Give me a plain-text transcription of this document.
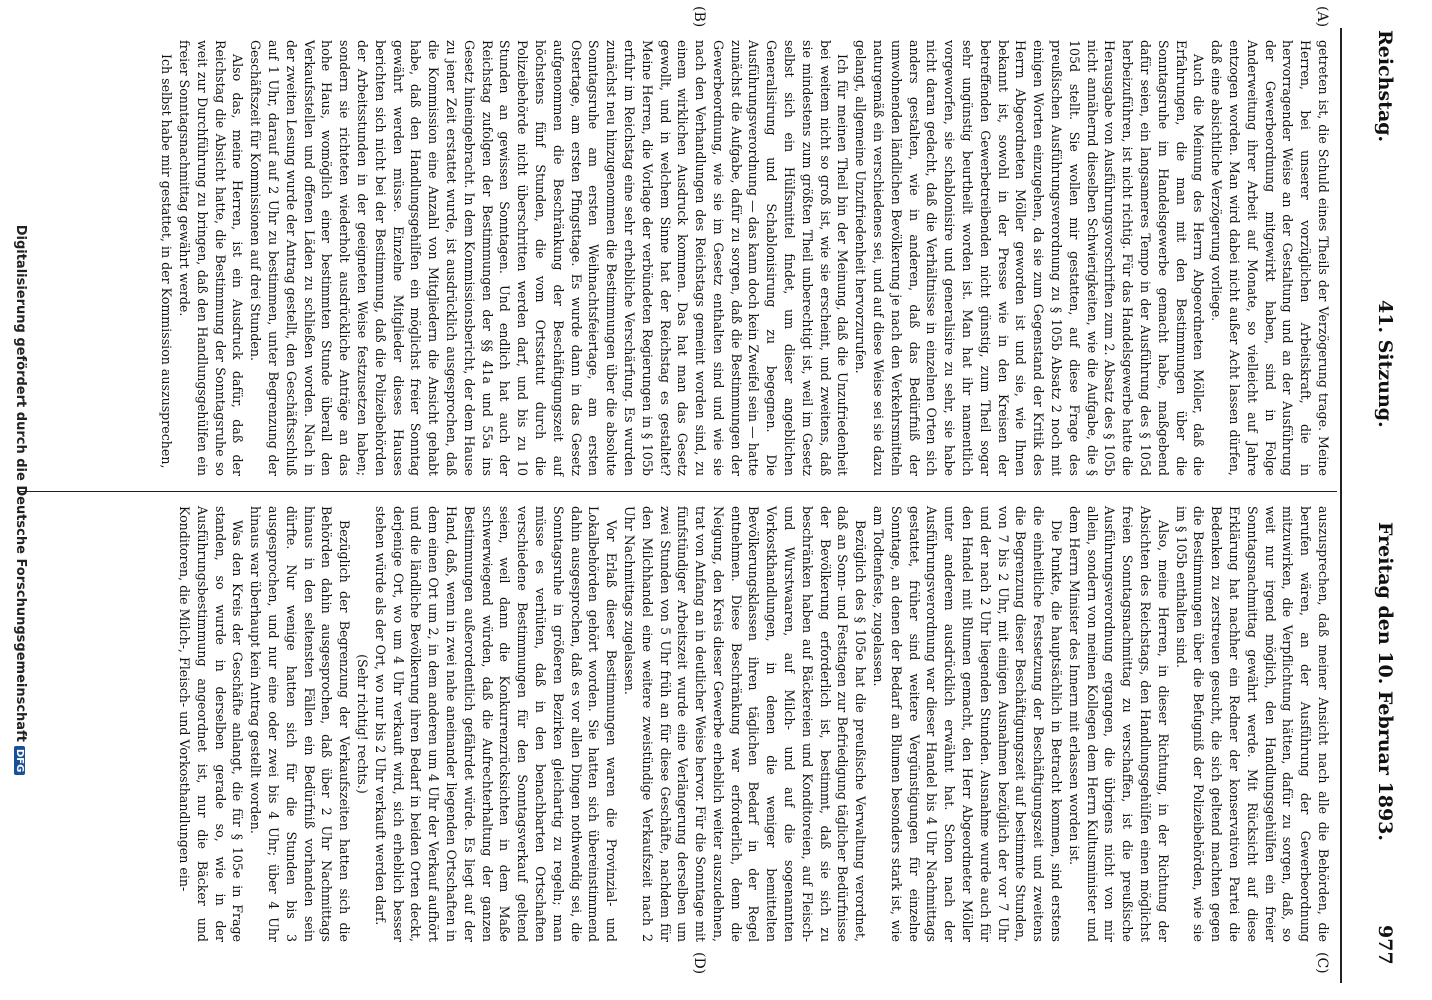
Reichstag.
41. Sitzung.
Freitag den 10. Februar 1893.
977
(A)
(B)
(C)
(D)

getreten ist, die Schuld eines Theils der Verzögerung trage. Meine Herren, bei unserer vorzüglichen Arbeitskraft, die in hervorragender Weise an der Gestaltung und an der Ausführung der Gewerbeordnung mitgewirkt haben, sind in Folge Anderweitung ihrer Arbeit auf Monate, so vielleicht auf Jahre entzogen worden. Man wird dabei nicht außer Acht lassen dürfen, daß eine absichtliche Verzögerung vorliege.

Auch die Meinung des Herrn Abgeordneten Möller, daß die Erfahrungen, die man mit den Bestimmungen über die Sonntagsruhe im Handelsgewerbe gemacht habe, maßgebend dafür seien, ein langsameres Tempo in der Ausführung des § 105d herbeizuführen, ist nicht richtig. Für das Handelsgewerbe hatte die Herausgabe von Ausführungsvorschriften zum 2. Absatz des § 105b nicht annähernd dieselben Schwierigkeiten, wie die Aufgabe, die § 105d stellt. Sie wollen mir gestatten, auf diese Frage des preußischen Ausführungsverordnung zu § 105b Absatz 2 noch mit einigen Worten einzugehen, da sie zum Gegenstand der Kritik des Herrn Abgeordneten Möller geworden ist und sie, wie Ihnen bekannt ist, sowohl in der Presse wie in den Kreisen der betreffenden Gewerbetreibenden nicht günstig, zum Theil sogar sehr ungünstig beurtheilt worden ist. Man hat ihr namentlich vorgeworfen, sie schablonisire und generalisire zu sehr, sie habe nicht daran gedacht, daß die Verhältnisse in einzelnen Orten sich anders gestalten, wie in anderen, daß das Bedürfniß der umwohnenden ländlichen Bevölkerung je nach den Verkehrsmitteln naturgemäß ein verschiedenes sei, und auf diese Weise sei sie dazu gelangt, allgemeine Unzufriedenheit hervorzurufen.

Ich für meinen Theil bin der Meinung, daß die Unzufriedenheit bei weitem nicht so groß ist, wie sie erscheint, und zweitens, daß sie mindestens zum größten Theil unberechtigt ist, weil im Gesetz selbst sich ein Hülfsmittel findet, um dieser angeblichen Generalisirung und Schablonisirung zu begegnen. Die Ausführungsverordnung — das kann doch kein Zweifel sein — hatte zunächst die Aufgabe, dafür zu sorgen, daß die Bestimmungen der Gewerbeordnung, wie sie im Gesetz enthalten sind und wie sie nach den Verhandlungen des Reichstags gemeint worden sind, zu einem wirklichen Ausdruck kommen. Das hat man das Gesetz gewollt, und in welchem Sinne hat der Reichstag es gestaltet? Meine Herren, die Vorlage der verbündeten Regierungen in § 105b erfuhr im Reichstag eine sehr erhebliche Verschärfung. Es wurden zunächst neu hinzugenommen die Bestimmungen über die absolute Sonntagsruhe am ersten Weihnachtsfeiertage, am ersten Ostertage, am ersten Pfingsttage. Es wurde dann in das Gesetz aufgenommen die Beschränkung der Beschäftigungszeit auf höchstens fünf Stunden, die vom Ortsstatut durch die Polizeibehörde nicht überschritten werden darf, und bis zu 10 Stunden an gewissen Sonntagen. Und endlich hat auch der Reichstag zufolgen der Bestimmungen der §§ 41a und 55a ins Gesetz hineingebracht. In dem Kommissionsbericht, der dem Hause zu jener Zeit erstattet wurde, ist ausdrücklich ausgesprochen, daß die Kommission eine Anzahl von Mitgliedern die Ansicht gehabt habe, daß den Handlungsgehilfen ein möglichst freier Sonntag gewährt werden müsse. Einzelne Mitglieder dieses Hauses berichten sich nicht bei der Bestimmung, daß die Polizeibehörden der Arbeitsstunden in der geeigneten Weise festzusetzen haben; sondern sie richteten wiederholt ausdrückliche Anträge an das hohe Haus, womöglich einer bestimmten Stunde überall den Verkaufsstellen und offenen Läden zu schließen worden. Nach in der zweiten Lesung wurde der Antrag gestellt, den Geschäftsschluß auf 1 Uhr, darauf auf 2 Uhr zu bestimmen, unter Begrenzung der Geschäftszeit für Kommissionen auf drei Stunden.

Also das, meine Herren, ist ein Ausdruck dafür, daß der Reichstag die Absicht hatte, die Bestimmung der Sonntagsruhe so weit zur Durchführung zu bringen, daß den Handlungsgehülfen ein freier Sonntagsnachmittag gewährt werde.

Ich selbst habe mir gestattet, in der Kommission auszusprechen,

auszusprechen, daß meiner Ansicht nach alle die Behörden, die berufen wären, an der Ausführung der Gewerbeordnung mitzuwirken, die Verpflichtung hätten, dafür zu sorgen, daß, so weit nur irgend möglich, den Handlungsgehülfen ein freier Sonntagsnachmittag gewährt werde. Mit Rücksicht auf diese Erklärung hat nachher ein Redner der konservativen Partei die Bedenken zu zerstreuen gesucht, die sich geltend machten gegen die Bestimmungen über die Befugniß der Polizeibehörden, wie sie im § 105b enthalten sind.

Also, meine Herren, in dieser Richtung, in der Richtung der Absichten des Reichstags, den Handlungsgehülfen einen möglichst freien Sonntagsnachmittag zu verschaffen, ist die preußische Ausführungsverordnung ergangen, die übrigens nicht von mir allein, sondern von meinen Kollegen dem Herrn Kultusminister und dem Herrn Minister des Innern mit erlassen worden ist.

Die Punkte, die hauptsächlich in Betracht kommen, sind erstens die einheitliche Festsetzung der Beschäftigungszeit und zweitens die Begrenzung dieser Beschäftigungszeit auf bestimmte Stunden, von 7 bis 2 Uhr, mit einigen Ausnahmen bezüglich der vor 7 Uhr und der nach 2 Uhr liegenden Stunden. Ausnahme wurde auch für den Handel mit Blumen gemacht, den Herr Abgeordneter Möller unter anderem ausdrücklich erwähnt hat. Schon nach der Ausführungsverordnung war dieser Handel bis 4 Uhr Nachmittags gestattet, früher sind weitere Vergünstigungen für einzelne Sonntage, an denen der Bedarf an Blumen besonders stark ist, wie am Todtenfeste, zugelassen.

Bezüglich des § 105e hat die preußische Verwaltung verordnet, daß an Sonn- und Festtagen zur Befriedigung täglicher Bedürfnisse der Bevölkerung erforderlich ist, bestimmt, daß sie sich zu beschränken haben auf Bäckereien und Konditoreien, auf Fleisch- und Wurstwaaren, auf Milch- und auf die sogenannten Vorkostkhandlungen, in denen die weniger bemittelten Bevölkerungsklassen ihren täglichen Bedarf in der Regel entnehmen. Diese Beschränkung war erforderlich, denn die Neigung, den Kreis dieser Gewerbe erheblich weiter auszudehnen, trat von Anfang an in deutlicher Weise hervor. Für die Sonntage mit fünfstündiger Arbeitszeit wurde eine Verlängerung derselben um zwei Stunden von 5 Uhr früh an für diese Geschäfte, nachdem für den Milchhandel eine weitere zweistündige Verkaufszeit nach 2 Uhr Nachmittags zugelassen.

Vor Erlaß dieser Bestimmungen waren die Provinzial- und Lokalbehörden gehört worden. Sie hatten sich übereinstimmend dahin ausgesprochen, daß es vor allen Dingen nothwendig sei, die Sonntagsruhe in größeren Bezirken gleichartig zu regeln; man müsse es verhüten, daß in den benachbarten Ortschaften verschiedene Bestimmungen für den Sonntagsverkauf geltend seien, weil dann die Konkurrenzrücksichten in dem Maße schwerwiegend würden, daß die Aufrechterhaltung der ganzen Bestimmungen außerordentlich gefährdet würde. Es liegt auf der Hand, daß, wenn in zwei nahe aneinander liegenden Ortschaften in dem einen Ort um 2, in dem anderen um 4 Uhr der Verkauf aufhört und die ländliche Bevölkerung ihren Bedarf in beiden Orten deckt, derjenige Ort, wo um 4 Uhr verkauft wird, sich erheblich besser stehen würde als der Ort, wo nur bis 2 Uhr verkauft werden darf.

(Sehr richtig! rechts.)

Bezüglich der Begrenzung der Verkaufszeiten hatten sich die Behörden dahin ausgesprochen, daß über 2 Uhr Nachmittags hinaus in den seltensten Fällen ein Bedürfniß vorhanden sein dürfte. Nur wenige hatten sich für die Stunden bis 3 ausgesprochen, und nur eine oder zwei bis 4 Uhr; über 4 Uhr hinaus war überhaupt kein Antrag gestellt worden.

Was den Kreis der Geschäfte anlangt, die für § 105e in Frage standen, so wurde in derselben gerade so, wie in der Ausführungsbestimmung angeordnet ist, nur die Bäcker und Konditoren, die Milch-, Fleisch- und Vorkosthandlungen ein-

Digitalisierung gefördert durch die Deutsche ForschungsgemeinschaftDFG
